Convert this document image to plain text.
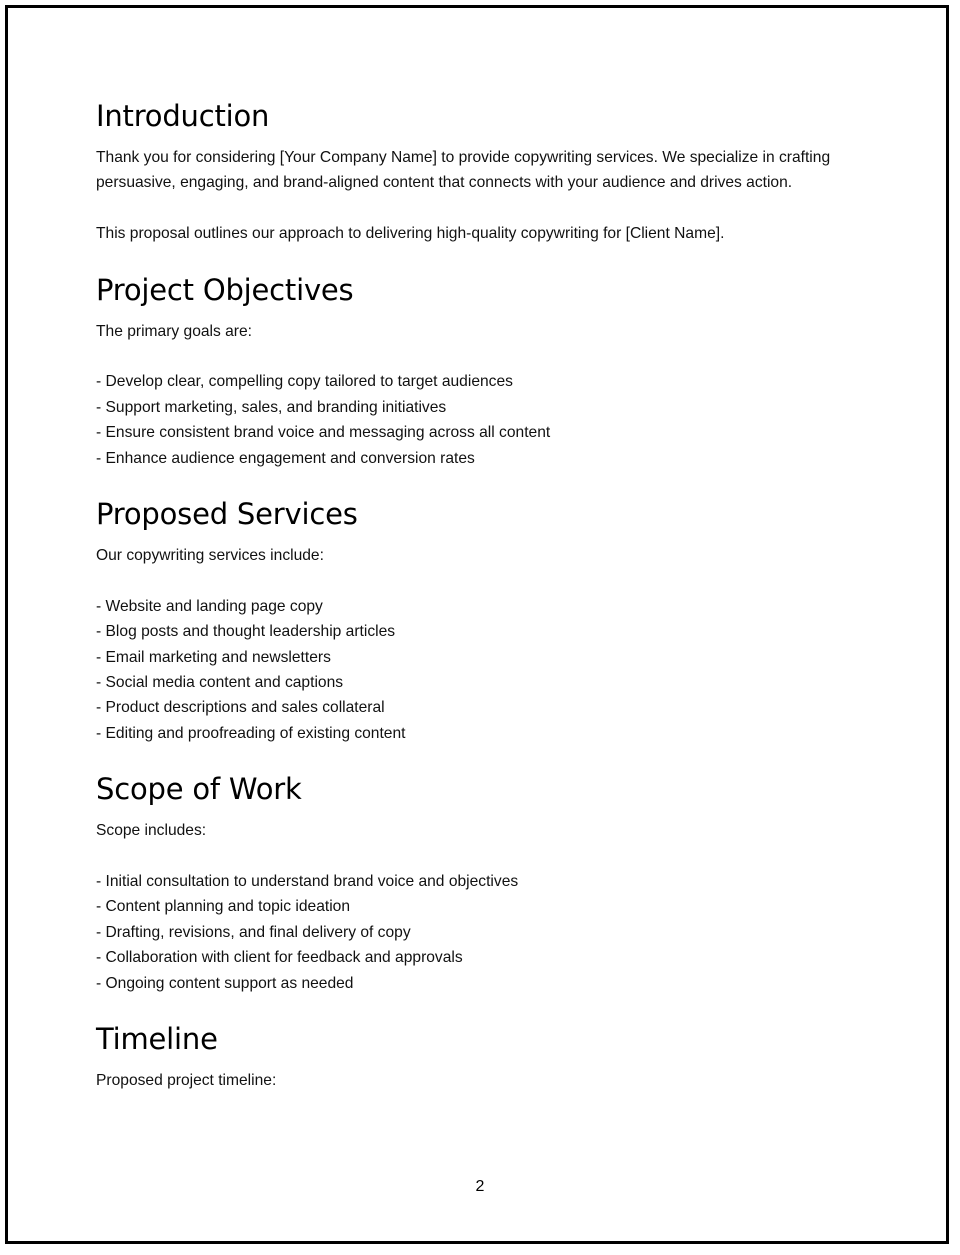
Introduction

Thank you for considering [Your Company Name] to provide copywriting services. We specialize in crafting persuasive, engaging, and brand-aligned content that connects with your audience and drives action.

This proposal outlines our approach to delivering high-quality copywriting for [Client Name].

Project Objectives

The primary goals are:

- Develop clear, compelling copy tailored to target audiences
- Support marketing, sales, and branding initiatives
- Ensure consistent brand voice and messaging across all content
- Enhance audience engagement and conversion rates
Proposed Services

Our copywriting services include:

- Website and landing page copy
- Blog posts and thought leadership articles
- Email marketing and newsletters
- Social media content and captions
- Product descriptions and sales collateral
- Editing and proofreading of existing content
Scope of Work

Scope includes:

- Initial consultation to understand brand voice and objectives
- Content planning and topic ideation
- Drafting, revisions, and final delivery of copy
- Collaboration with client for feedback and approvals
- Ongoing content support as needed
Timeline

Proposed project timeline:

2
